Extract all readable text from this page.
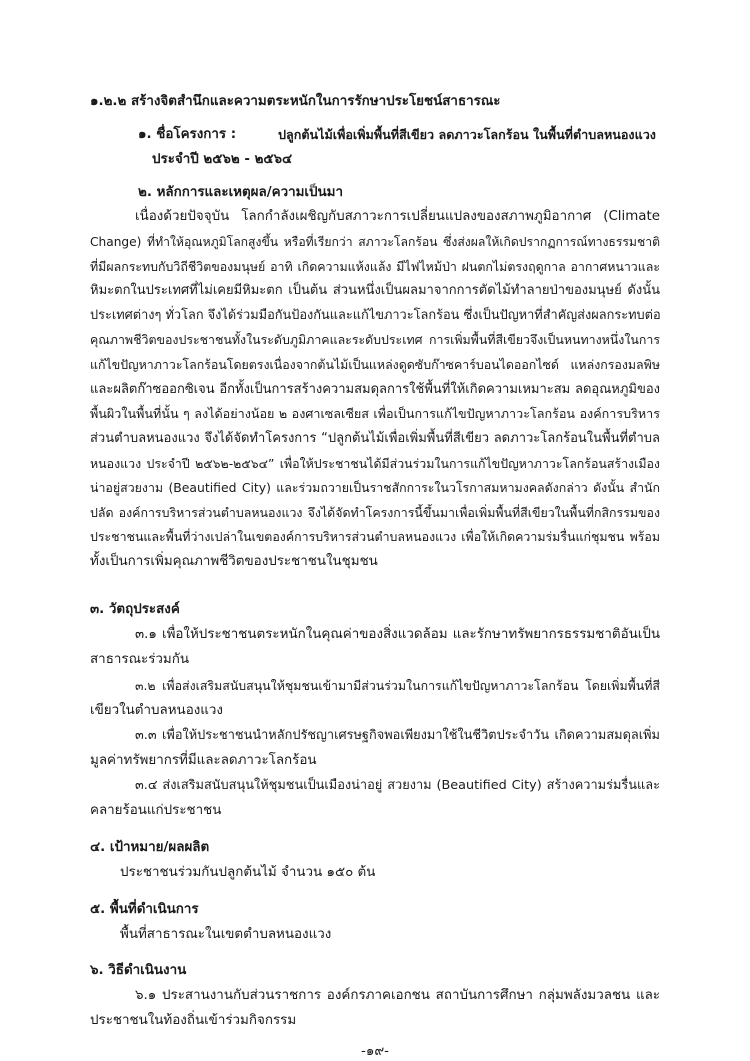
๑.๒.๒ สร้างจิตสำนึกและความตระหนักในการรักษาประโยชน์สาธารณะ
๑. ชื่อโครงการ :	ปลูกต้นไม้เพื่อเพิ่มพื้นที่สีเขียว ลดภาวะโลกร้อน ในพื้นที่ตำบลหนองแวง
ประจำปี ๒๕๖๒ - ๒๕๖๔
๒. หลักการและเหตุผล/ความเป็นมา
เนื่องด้วยปัจจุบัน โลกกำลังเผชิญกับสภาวะการเปลี่ยนแปลงของสภาพภูมิอากาศ (Climate
Change) ที่ทำให้อุณหภูมิโลกสูงขึ้น หรือที่เรียกว่า สภาวะโลกร้อน ซึ่งส่งผลให้เกิดปรากฏการณ์ทางธรรมชาติ
ที่มีผลกระทบกับวิถีชีวิตของมนุษย์ อาทิ เกิดความแห้งแล้ง มีไฟไหม้ป่า ฝนตกไม่ตรงฤดูกาล อากาศหนาวและ
หิมะตกในประเทศที่ไม่เคยมีหิมะตก เป็นต้น ส่วนหนึ่งเป็นผลมาจากการตัดไม้ทำลายป่าของมนุษย์ ดังนั้น
ประเทศต่างๆ ทั่วโลก จึงได้ร่วมมือกันป้องกันและแก้ไขภาวะโลกร้อน ซึ่งเป็นปัญหาที่สำคัญส่งผลกระทบต่อ
คุณภาพชีวิตของประชาชนทั้งในระดับภูมิภาคและระดับประเทศ การเพิ่มพื้นที่สีเขียวจึงเป็นหนทางหนึ่งในการ
แก้ไขปัญหาภาวะโลกร้อนโดยตรงเนื่องจากต้นไม้เป็นแหล่งดูดซับก๊าซคาร์บอนไดออกไซด์ แหล่งกรองมลพิษ
และผลิตก๊าซออกซิเจน อีกทั้งเป็นการสร้างความสมดุลการใช้พื้นที่ให้เกิดความเหมาะสม ลดอุณหภูมิของ
พื้นผิวในพื้นที่นั้น ๆ ลงได้อย่างน้อย ๒ องศาเซลเซียส เพื่อเป็นการแก้ไขปัญหาภาวะโลกร้อน องค์การบริหาร
ส่วนตำบลหนองแวง จึงได้จัดทำโครงการ “ปลูกต้นไม้เพื่อเพิ่มพื้นที่สีเขียว ลดภาวะโลกร้อนในพื้นที่ตำบล
หนองแวง ประจำปี ๒๕๖๒-๒๕๖๔” เพื่อให้ประชาชนได้มีส่วนร่วมในการแก้ไขปัญหาภาวะโลกร้อนสร้างเมือง
น่าอยู่สวยงาม (Beautified City) และร่วมถวายเป็นราชสักการะในวโรกาสมหามงคลดังกล่าว ดังนั้น สำนัก
ปลัด องค์การบริหารส่วนตำบลหนองแวง จึงได้จัดทำโครงการนี้ขึ้นมาเพื่อเพิ่มพื้นที่สีเขียวในพื้นที่กสิกรรมของ
ประชาชนและพื้นที่ว่างเปล่าในเขตองค์การบริหารส่วนตำบลหนองแวง เพื่อให้เกิดความร่มรื่นแก่ชุมชน พร้อม
ทั้งเป็นการเพิ่มคุณภาพชีวิตของประชาชนในชุมชน
๓. วัตถุประสงค์
๓.๑ เพื่อให้ประชาชนตระหนักในคุณค่าของสิ่งแวดล้อม และรักษาทรัพยากรธรรมชาติอันเป็น
สาธารณะร่วมกัน
๓.๒ เพื่อส่งเสริมสนับสนุนให้ชุมชนเข้ามามีส่วนร่วมในการแก้ไขปัญหาภาวะโลกร้อน โดยเพิ่มพื้นที่สี
เขียวในตำบลหนองแวง
๓.๓ เพื่อให้ประชาชนนำหลักปรัชญาเศรษฐกิจพอเพียงมาใช้ในชีวิตประจำวัน เกิดความสมดุลเพิ่ม
มูลค่าทรัพยากรที่มีและลดภาวะโลกร้อน
๓.๔ ส่งเสริมสนับสนุนให้ชุมชนเป็นเมืองน่าอยู่ สวยงาม (Beautified City) สร้างความร่มรื่นและ
คลายร้อนแก่ประชาชน
๔. เป้าหมาย/ผลผลิต
ประชาชนร่วมกันปลูกต้นไม้ จำนวน ๑๕๐ ต้น
๕. พื้นที่ดำเนินการ
พื้นที่สาธารณะในเขตตำบลหนองแวง
๖. วิธีดำเนินงาน
๖.๑ ประสานงานกับส่วนราชการ องค์กรภาคเอกชน สถาบันการศึกษา กลุ่มพลังมวลชน และ
ประชาชนในท้องถิ่นเข้าร่วมกิจกรรม
-๑๙-
